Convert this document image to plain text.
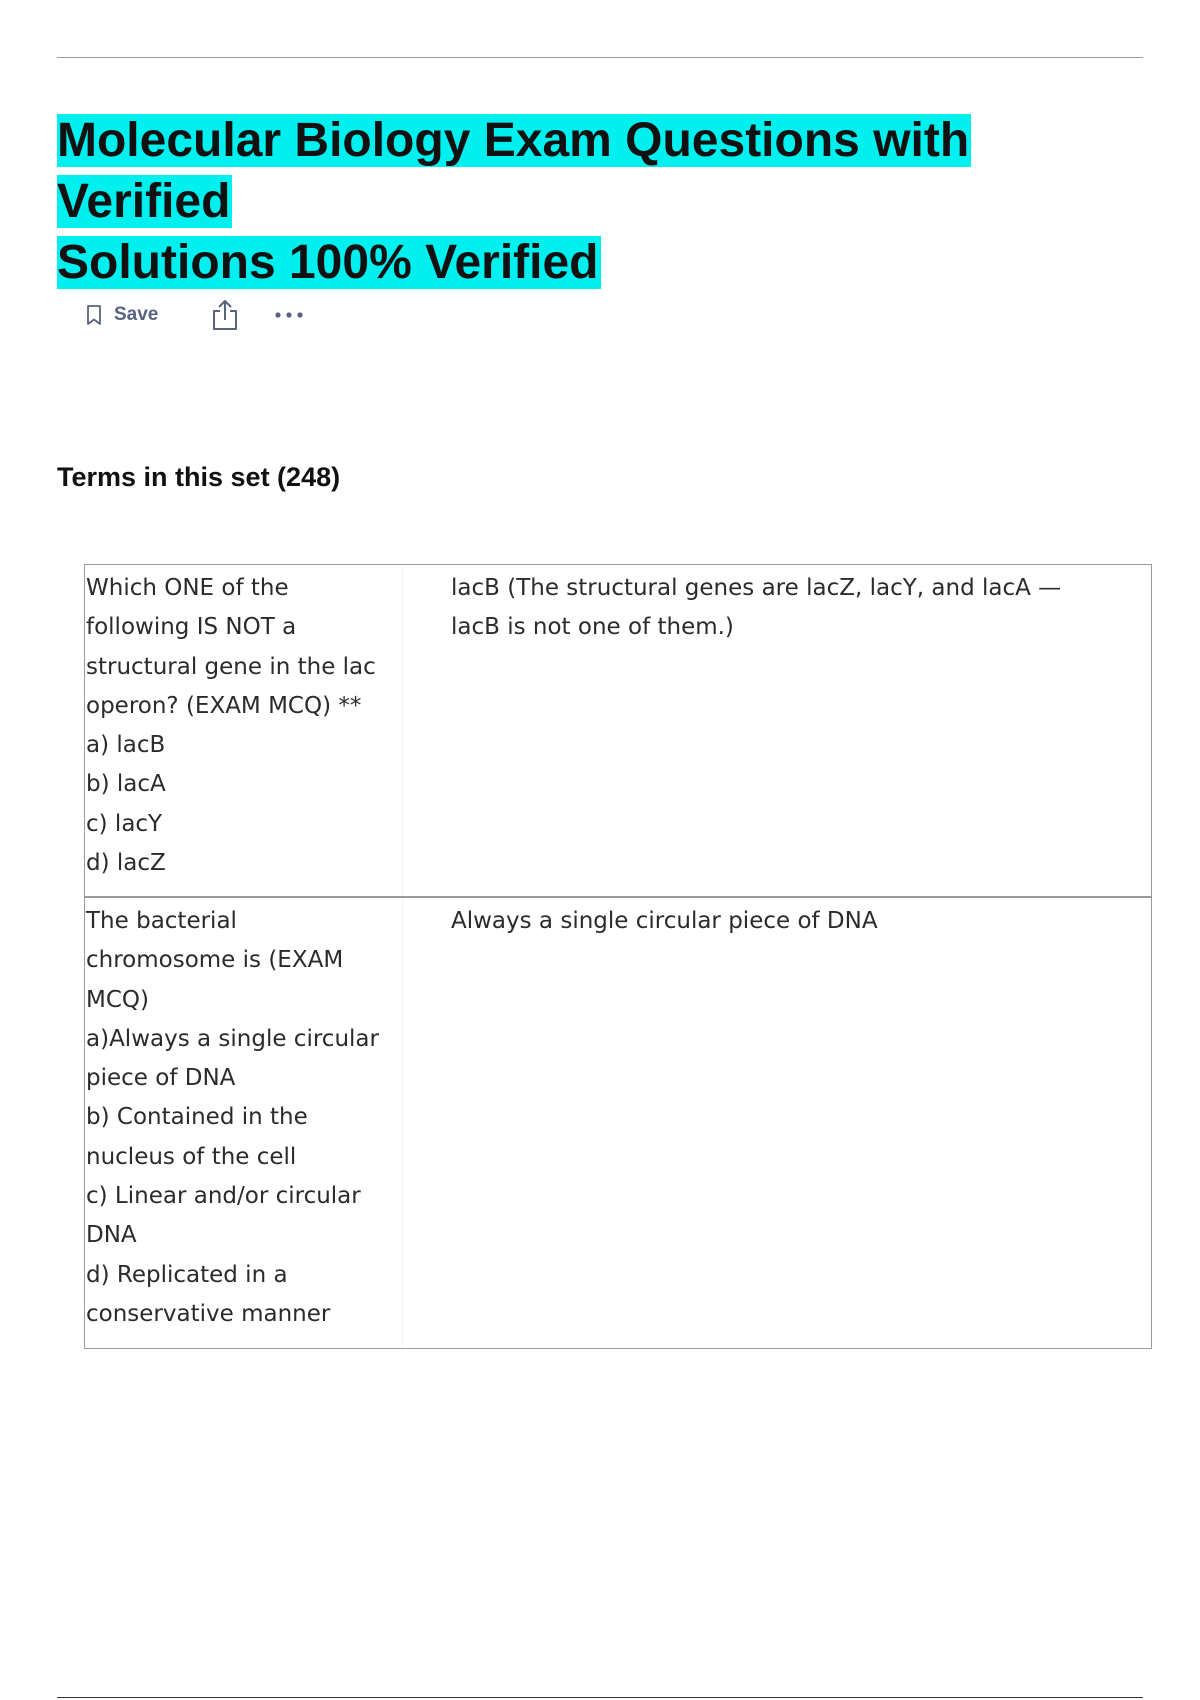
Molecular Biology Exam Questions with Verified
Solutions 100% Verified
Save
Terms in this set (248)
Which ONE of the
following IS NOT a
structural gene in the lac
operon? (EXAM MCQ) **
a) lacB
b) lacA
c) lacY
d) lacZ
lacB (The structural genes are lacZ, lacY, and lacA —
lacB is not one of them.)
The bacterial
chromosome is (EXAM
MCQ)
a)Always a single circular
piece of DNA
b) Contained in the
nucleus of the cell
c) Linear and/or circular
DNA
d) Replicated in a
conservative manner
Always a single circular piece of DNA
